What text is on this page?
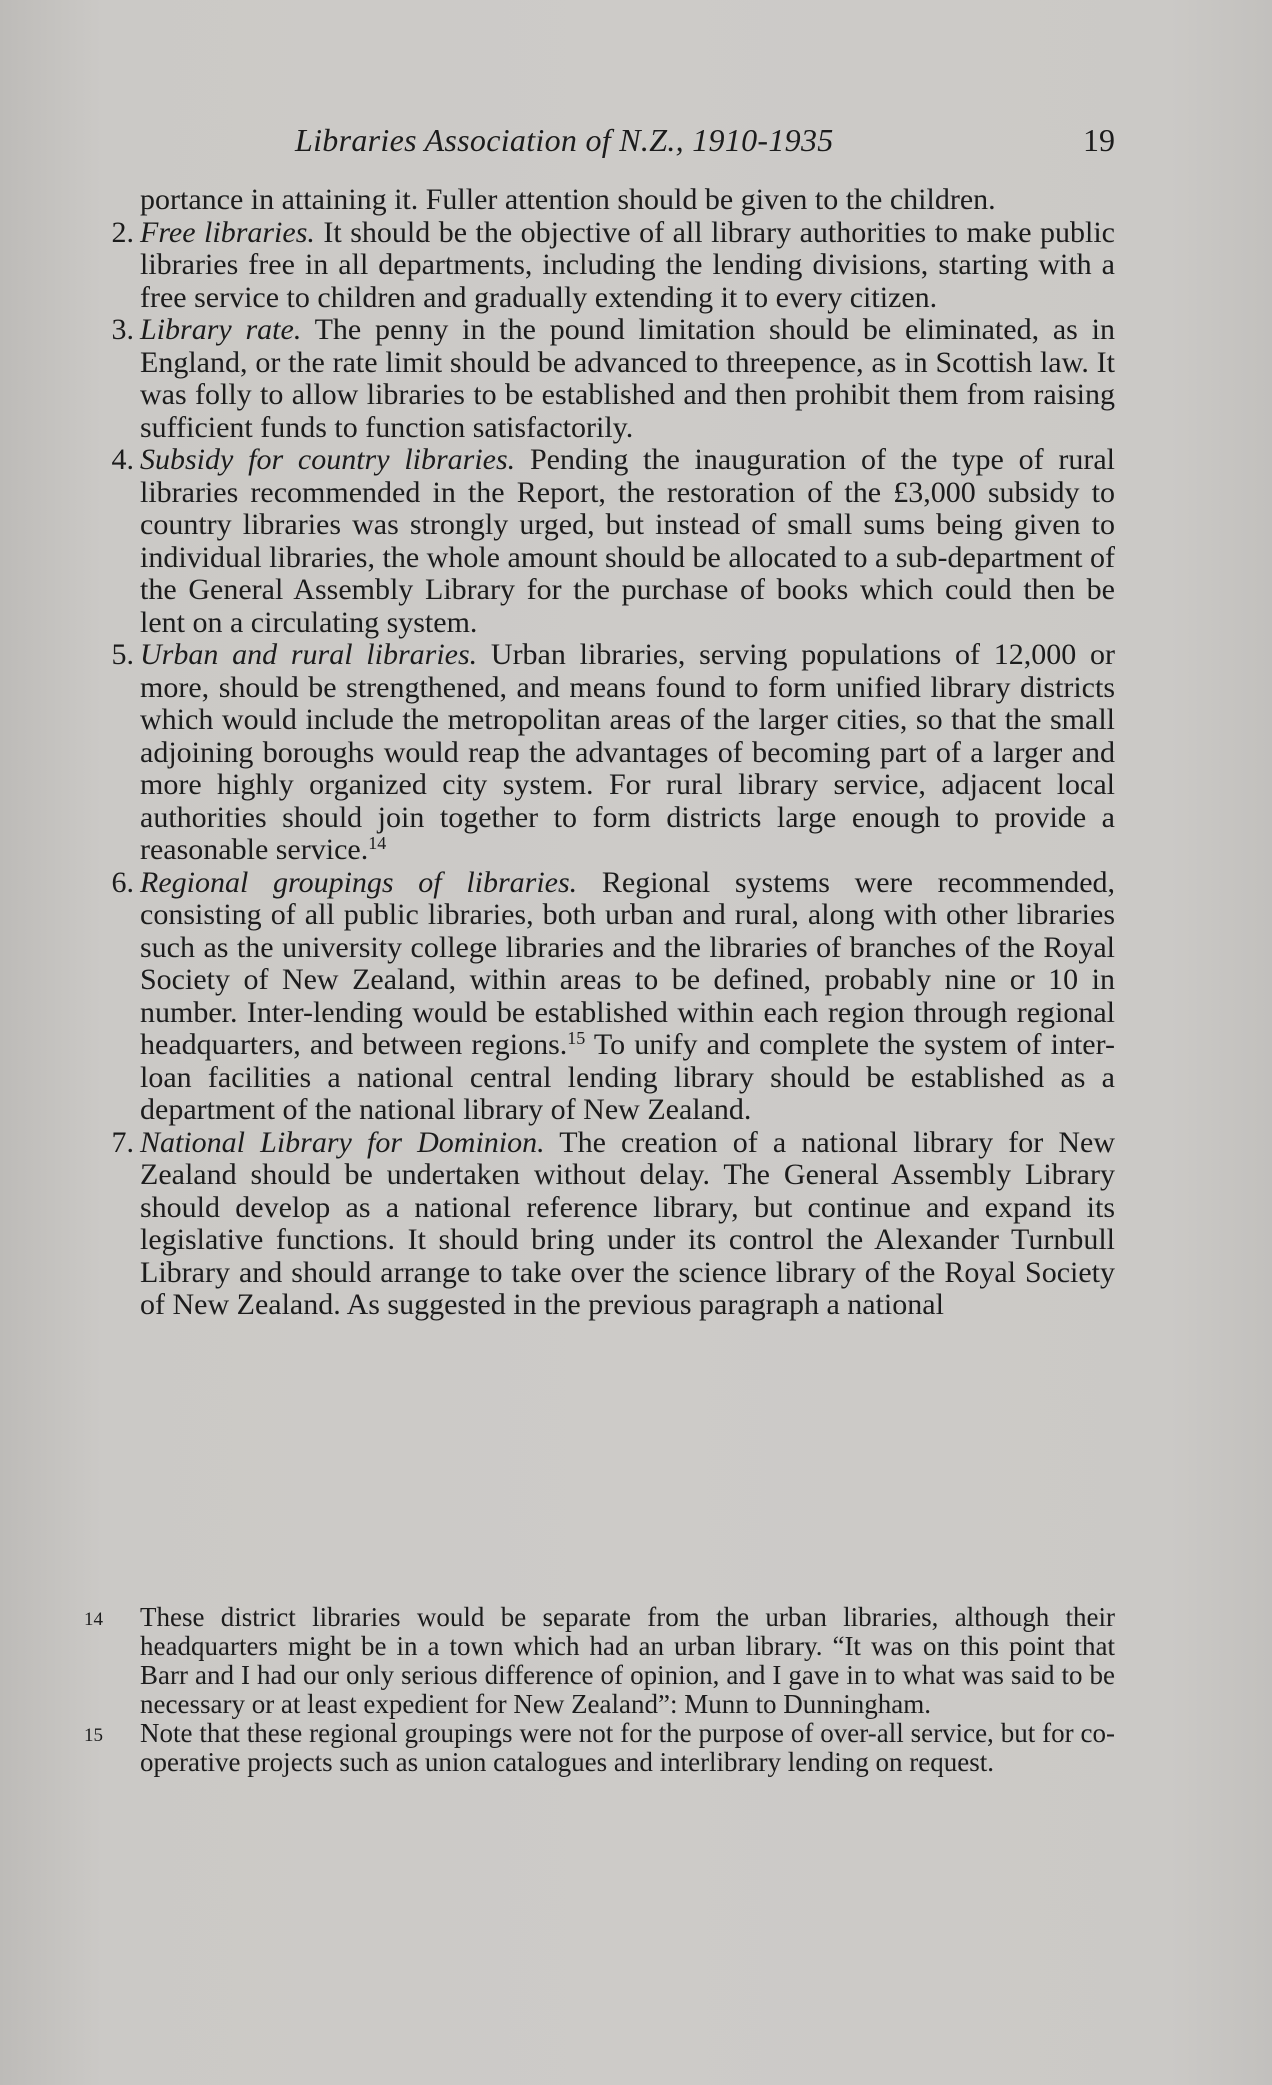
Libraries Association of N.Z., 1910-1935	19

portance in attaining it. Fuller attention should be given to the children.

2. Free libraries. It should be the objective of all library authorities to make public libraries free in all departments, including the lending divisions, starting with a free service to children and gradually extending it to every citizen.

3. Library rate. The penny in the pound limitation should be eliminated, as in England, or the rate limit should be advanced to threepence, as in Scottish law. It was folly to allow libraries to be established and then prohibit them from raising sufficient funds to function satisfactorily.

4. Subsidy for country libraries. Pending the inauguration of the type of rural libraries recommended in the Report, the restoration of the £3,000 subsidy to country libraries was strongly urged, but instead of small sums being given to individual libraries, the whole amount should be allocated to a sub-department of the General Assembly Library for the purchase of books which could then be lent on a circulating system.

5. Urban and rural libraries. Urban libraries, serving populations of 12,000 or more, should be strengthened, and means found to form unified library districts which would include the metropolitan areas of the larger cities, so that the small adjoining boroughs would reap the advantages of becoming part of a larger and more highly organized city system. For rural library service, adjacent local authorities should join together to form districts large enough to provide a reasonable service.$^{14}$

6. Regional groupings of libraries. Regional systems were recommended, consisting of all public libraries, both urban and rural, along with other libraries such as the university college libraries and the libraries of branches of the Royal Society of New Zealand, within areas to be defined, probably nine or 10 in number. Inter-lending would be established within each region through regional headquarters, and between regions.$^{15}$ To unify and complete the system of inter-loan facilities a national central lending library should be established as a department of the national library of New Zealand.

7. National Library for Dominion. The creation of a national library for New Zealand should be undertaken without delay. The General Assembly Library should develop as a national reference library, but continue and expand its legislative functions. It should bring under its control the Alexander Turnbull Library and should arrange to take over the science library of the Royal Society of New Zealand. As suggested in the previous paragraph a national

14 These district libraries would be separate from the urban libraries, although their headquarters might be in a town which had an urban library. “It was on this point that Barr and I had our only serious difference of opinion, and I gave in to what was said to be necessary or at least expedient for New Zealand”: Munn to Dunningham.

15 Note that these regional groupings were not for the purpose of over-all service, but for co-operative projects such as union catalogues and interlibrary lending on request.
